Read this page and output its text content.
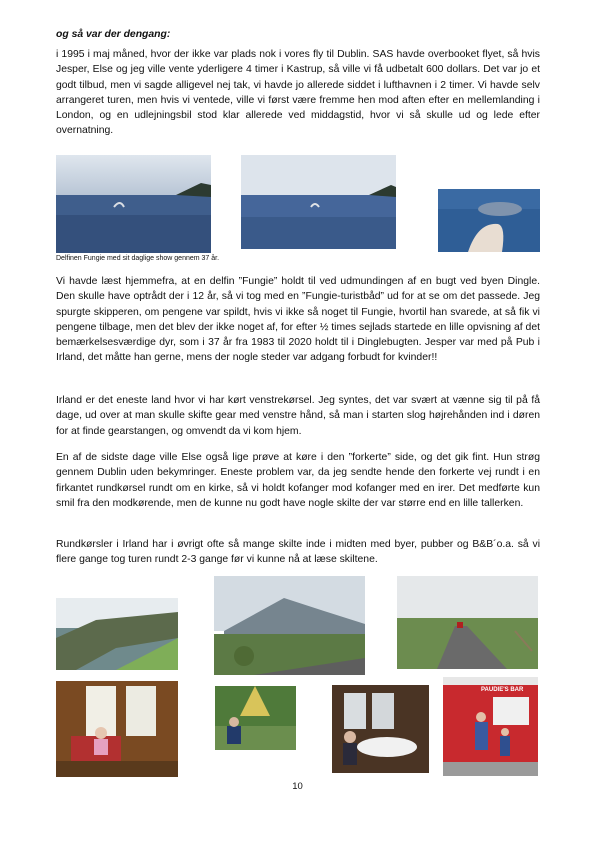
og så var der dengang:

i 1995 i maj måned, hvor der ikke var plads nok i vores fly til Dublin. SAS havde overbooket flyet, så hvis Jesper, Else og jeg ville vente yderligere 4 timer i Kastrup, så ville vi få udbetalt 600 dollars. Det var jo et godt tilbud, men vi sagde alligevel nej tak, vi havde jo allerede siddet i lufthavnen i 2 timer. Vi havde selv arrangeret turen, men hvis vi ventede, ville vi først være fremme hen mod aften efter en mellemlanding i London, og en udlejningsbil stod klar allerede ved middagstid, hvor vi så skulle ud og lede efter overnatning.

Delfinen Fungie med sit daglige show gennem 37 år.

Vi havde læst hjemmefra, at en delfin ”Fungie” holdt til ved udmundingen af en bugt ved byen Dingle. Den skulle have optrådt der i 12 år, så vi tog med en ”Fungie-turistbåd” ud for at se om det passede. Jeg spurgte skipperen, om pengene var spildt, hvis vi ikke så noget til Fungie, hvortil han svarede, at så fik vi pengene tilbage, men det blev der ikke noget af, for efter ½ times sejlads startede en lille opvisning af det bemærkelsesværdige dyr, som i 37 år fra 1983 til 2020 holdt til i Dinglebugten. Jesper var med på Pub i Irland, det måtte han gerne, mens der nogle steder var adgang forbudt for kvinder!!

Irland er det eneste land hvor vi har kørt venstrekørsel. Jeg syntes, det var svært at vænne sig til på få dage, ud over at man skulle skifte gear med venstre hånd, så man i starten slog højrehånden ind i døren for at finde gearstangen, og omvendt da vi kom hjem.

En af de sidste dage ville Else også lige prøve at køre i den ”forkerte” side, og det gik fint. Hun strøg gennem Dublin uden bekymringer. Eneste problem var, da jeg sendte hende den forkerte vej rundt i en firkantet rundkørsel rundt om en kirke, så vi holdt kofanger mod kofanger med en irer. Det medførte kun smil fra den modkørende, men de kunne nu godt have nogle skilte der var større end en lille tallerken.

Rundkørsler i Irland har i øvrigt ofte så mange skilte inde i midten med byer, pubber og B&B´o.a. så vi flere gange tog turen rundt 2-3 gange før vi kunne nå at læse skiltene.

PAUDIE'S BAR
10
